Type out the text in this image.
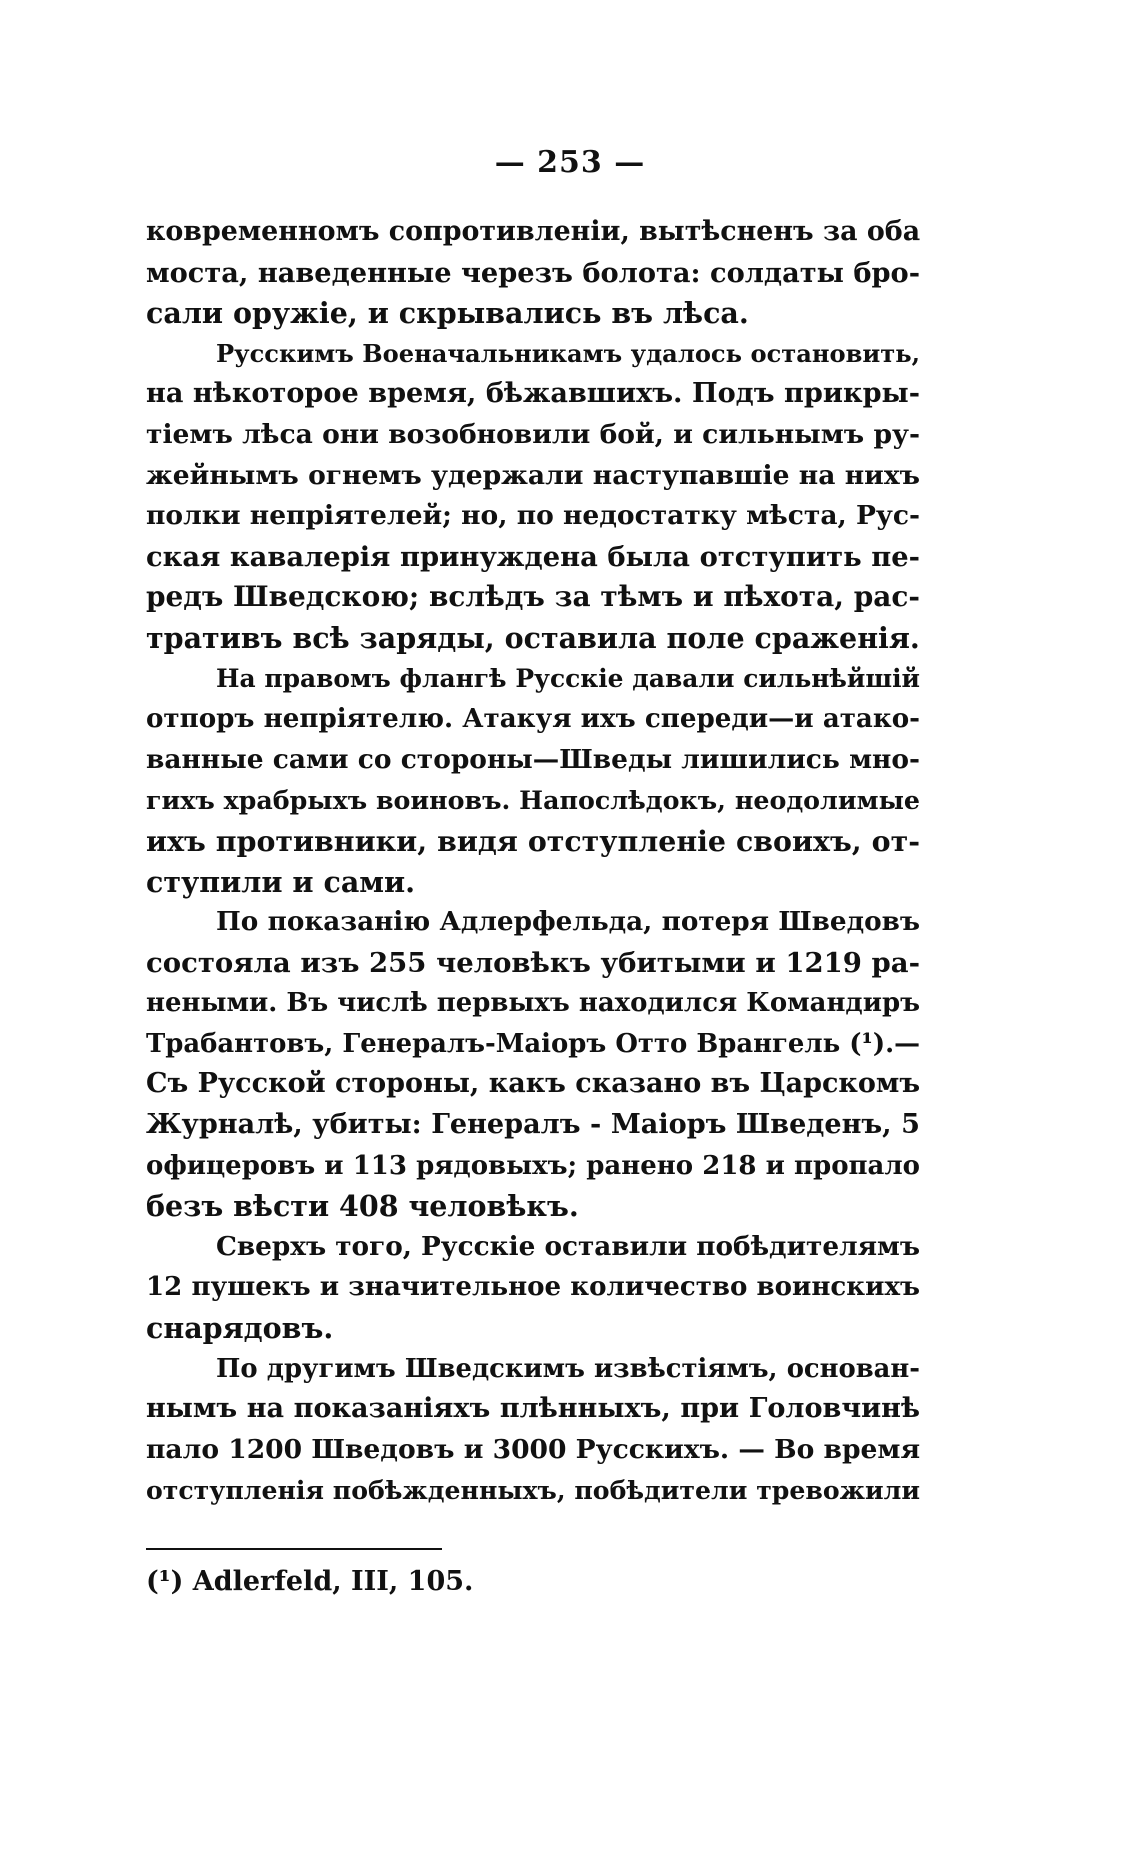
— 253 —
ковременномъ сопротивленіи, вытѣсненъ за оба
моста, наведенные черезъ болота: солдаты бро-
сали оружіе, и скрывались въ лѣса.
Русскимъ Военачальникамъ удалось остановить,
на нѣкоторое время, бѣжавшихъ. Подъ прикры-
тіемъ лѣса они возобновили бой, и сильнымъ ру-
жейнымъ огнемъ удержали наступавшіе на нихъ
полки непріятелей; но, по недостатку мѣста, Рус-
ская кавалерія принуждена была отступить пе-
редъ Шведскою; вслѣдъ за тѣмъ и пѣхота, рас-
тративъ всѣ заряды, оставила поле сраженія.
На правомъ флангѣ Русскіе давали сильнѣйшій
отпоръ непріятелю. Атакуя ихъ спереди—и атако-
ванные сами со стороны—Шведы лишились мно-
гихъ храбрыхъ воиновъ. Напослѣдокъ, неодолимые
ихъ противники, видя отступленіе своихъ, от-
ступили и сами.
По показанію Адлерфельда, потеря Шведовъ
состояла изъ 255 человѣкъ убитыми и 1219 ра-
неными. Въ числѣ первыхъ находился Командиръ
Трабантовъ, Генералъ-Маіоръ Отто Врангель (¹).—
Съ Русской стороны, какъ сказано въ Царскомъ
Журналѣ, убиты: Генералъ - Маіоръ Шведенъ, 5
офицеровъ и 113 рядовыхъ; ранено 218 и пропало
безъ вѣсти 408 человѣкъ.
Сверхъ того, Русскіе оставили побѣдителямъ
12 пушекъ и значительное количество воинскихъ
снарядовъ.
По другимъ Шведскимъ извѣстіямъ, основан-
нымъ на показаніяхъ плѣнныхъ, при Головчинѣ
пало 1200 Шведовъ и 3000 Русскихъ. — Во время
отступленія побѣжденныхъ, побѣдители тревожили
(¹) Adlerfeld, III, 105.
